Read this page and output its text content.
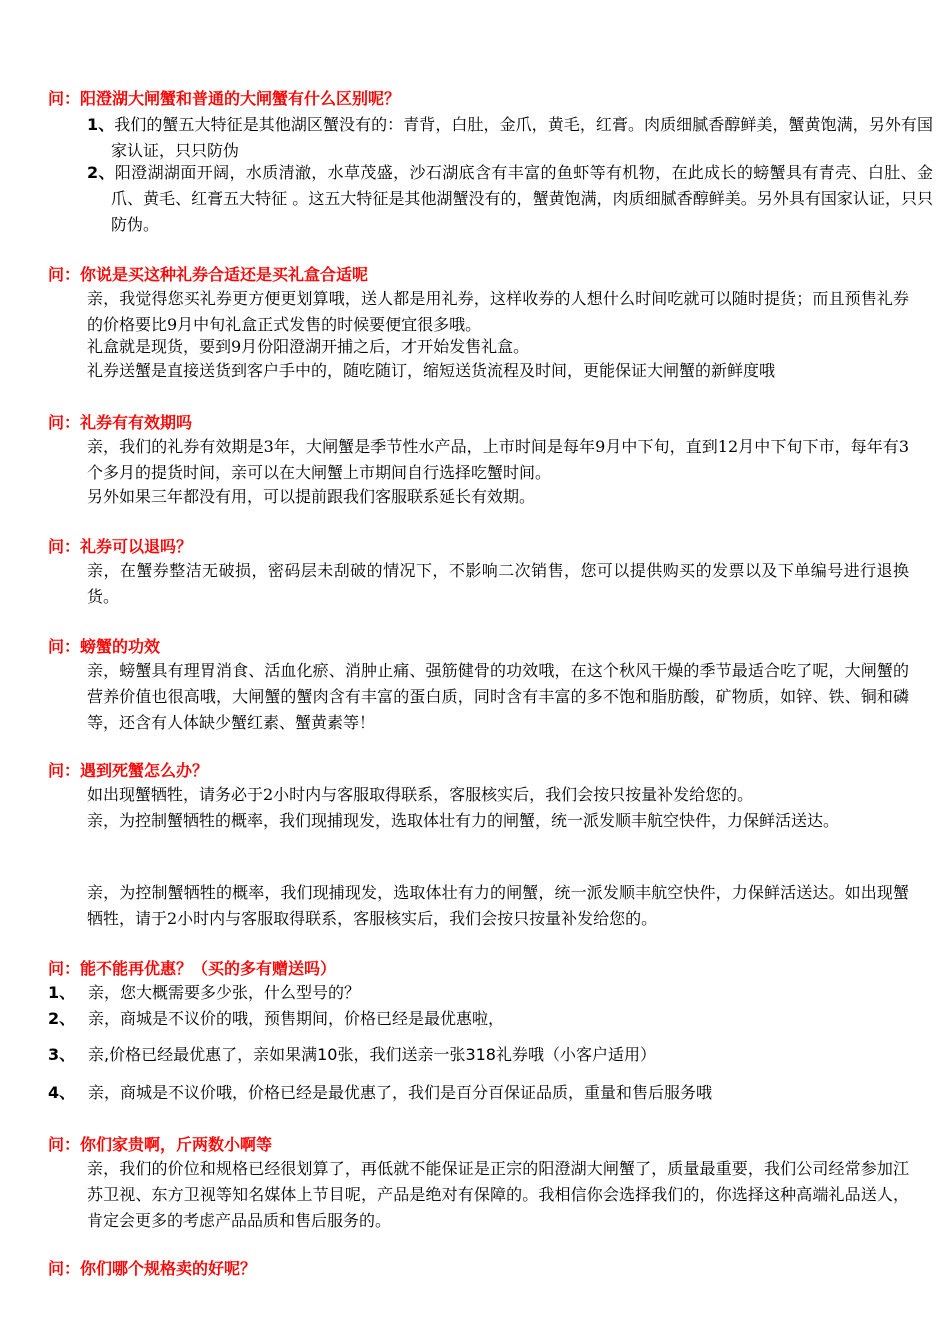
问：阳澄湖大闸蟹和普通的大闸蟹有什么区别呢？

1、我们的蟹五大特征是其他湖区蟹没有的：青背，白肚，金爪，黄毛，红膏。肉质细腻香醇鲜美，蟹黄饱满，另外有国家认证，只只防伪

2、阳澄湖湖面开阔，水质清澈，水草茂盛，沙石湖底含有丰富的鱼虾等有机物，在此成长的螃蟹具有青壳、白肚、金爪、黄毛、红膏五大特征 。这五大特征是其他湖蟹没有的，蟹黄饱满，肉质细腻香醇鲜美。另外具有国家认证，只只防伪。

问：你说是买这种礼券合适还是买礼盒合适呢

亲，我觉得您买礼券更方便更划算哦，送人都是用礼券，这样收券的人想什么时间吃就可以随时提货；而且预售礼券的价格要比9月中旬礼盒正式发售的时候要便宜很多哦。

礼盒就是现货，要到9月份阳澄湖开捕之后，才开始发售礼盒。

礼券送蟹是直接送货到客户手中的，随吃随订，缩短送货流程及时间，更能保证大闸蟹的新鲜度哦

问：礼券有有效期吗

亲，我们的礼券有效期是3年，大闸蟹是季节性水产品，上市时间是每年9月中下旬，直到12月中下旬下市，每年有3个多月的提货时间，亲可以在大闸蟹上市期间自行选择吃蟹时间。

另外如果三年都没有用，可以提前跟我们客服联系延长有效期。

问：礼券可以退吗？

亲，在蟹券整洁无破损，密码层未刮破的情况下，不影响二次销售，您可以提供购买的发票以及下单编号进行退换货。

问：螃蟹的功效

亲，螃蟹具有理胃消食、活血化瘀、消肿止痛、强筋健骨的功效哦，在这个秋风干燥的季节最适合吃了呢，大闸蟹的营养价值也很高哦，大闸蟹的蟹肉含有丰富的蛋白质，同时含有丰富的多不饱和脂肪酸，矿物质，如锌、铁、铜和磷等，还含有人体缺少蟹红素、蟹黄素等！

问：遇到死蟹怎么办？

如出现蟹牺牲，请务必于2小时内与客服取得联系，客服核实后，我们会按只按量补发给您的。

亲，为控制蟹牺牲的概率，我们现捕现发，选取体壮有力的闸蟹，统一派发顺丰航空快件，力保鲜活送达。

亲，为控制蟹牺牲的概率，我们现捕现发，选取体壮有力的闸蟹，统一派发顺丰航空快件，力保鲜活送达。如出现蟹牺牲，请于2小时内与客服取得联系，客服核实后，我们会按只按量补发给您的。

问：能不能再优惠？（买的多有赠送吗）

1、 亲，您大概需要多少张，什么型号的？

2、 亲，商城是不议价的哦，预售期间，价格已经是最优惠啦，

3、 亲,价格已经最优惠了，亲如果满10张，我们送亲一张318礼券哦（小客户适用）

4、 亲，商城是不议价哦，价格已经是最优惠了，我们是百分百保证品质，重量和售后服务哦

问：你们家贵啊，斤两数小啊等

亲，我们的价位和规格已经很划算了，再低就不能保证是正宗的阳澄湖大闸蟹了，质量最重要，我们公司经常参加江苏卫视、东方卫视等知名媒体上节目呢，产品是绝对有保障的。我相信你会选择我们的，你选择这种高端礼品送人，肯定会更多的考虑产品品质和售后服务的。

问：你们哪个规格卖的好呢？
